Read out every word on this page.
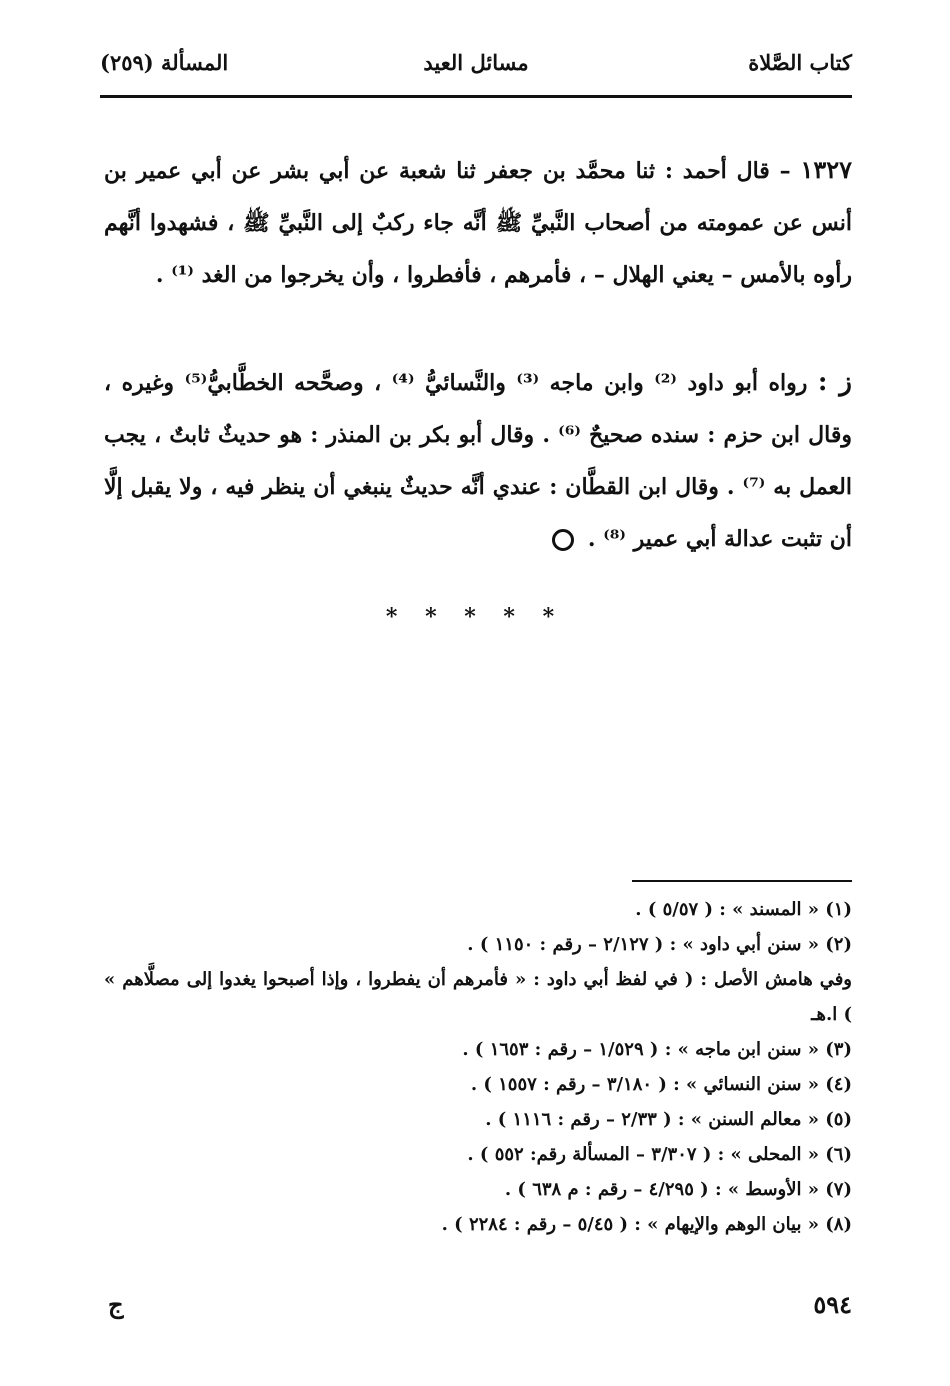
كتاب الصَّلاة
مسائل العيد
المسألة (٢٥٩)
١٣٢٧ – قال أحمد : ثنا محمَّد بن جعفر ثنا شعبة عن أبي بشر عن أبي عمير بن أنس عن عمومته من أصحاب النَّبيِّ ﷺ أنَّه جاء ركبٌ إلى النَّبيِّ ﷺ ، فشهدوا أنَّهم رأوه بالأمس – يعني الهلال – ، فأمرهم ، فأفطروا ، وأن يخرجوا من الغد ⁽¹⁾ .
ز : رواه أبو داود ⁽²⁾ وابن ماجه ⁽³⁾ والنَّسائيُّ ⁽⁴⁾ ، وصحَّحه الخطَّابيُّ⁽⁵⁾ وغيره ، وقال ابن حزم : سنده صحيحٌ ⁽⁶⁾ . وقال أبو بكر بن المنذر : هو حديثٌ ثابتٌ ، يجب العمل به ⁽⁷⁾ . وقال ابن القطَّان : عندي أنَّه حديثٌ ينبغي أن ينظر فيه ، ولا يقبل إلَّا أن تثبت عدالة أبي عمير ⁽⁸⁾ .
* * * * *
(١) « المسند » : ( ٥/٥٧ ) .
(٢) « سنن أبي داود » : ( ٢/١٢٧ – رقم : ١١٥٠ ) .
وفي هامش الأصل : ( في لفظ أبي داود : « فأمرهم أن يفطروا ، وإذا أصبحوا يغدوا إلى مصلَّاهم » ) ا.هـ
(٣) « سنن ابن ماجه » : ( ١/٥٢٩ – رقم : ١٦٥٣ ) .
(٤) « سنن النسائي » : ( ٣/١٨٠ – رقم : ١٥٥٧ ) .
(٥) « معالم السنن » : ( ٢/٣٣ – رقم : ١١١٦ ) .
(٦) « المحلى » : ( ٣/٣٠٧ – المسألة رقم: ٥٥٢ ) .
(٧) « الأوسط » : ( ٤/٢٩٥ – رقم : م ٦٣٨ ) .
(٨) « بيان الوهم والإيهام » : ( ٥/٤٥ – رقم : ٢٢٨٤ ) .
٥٩٤
ج
